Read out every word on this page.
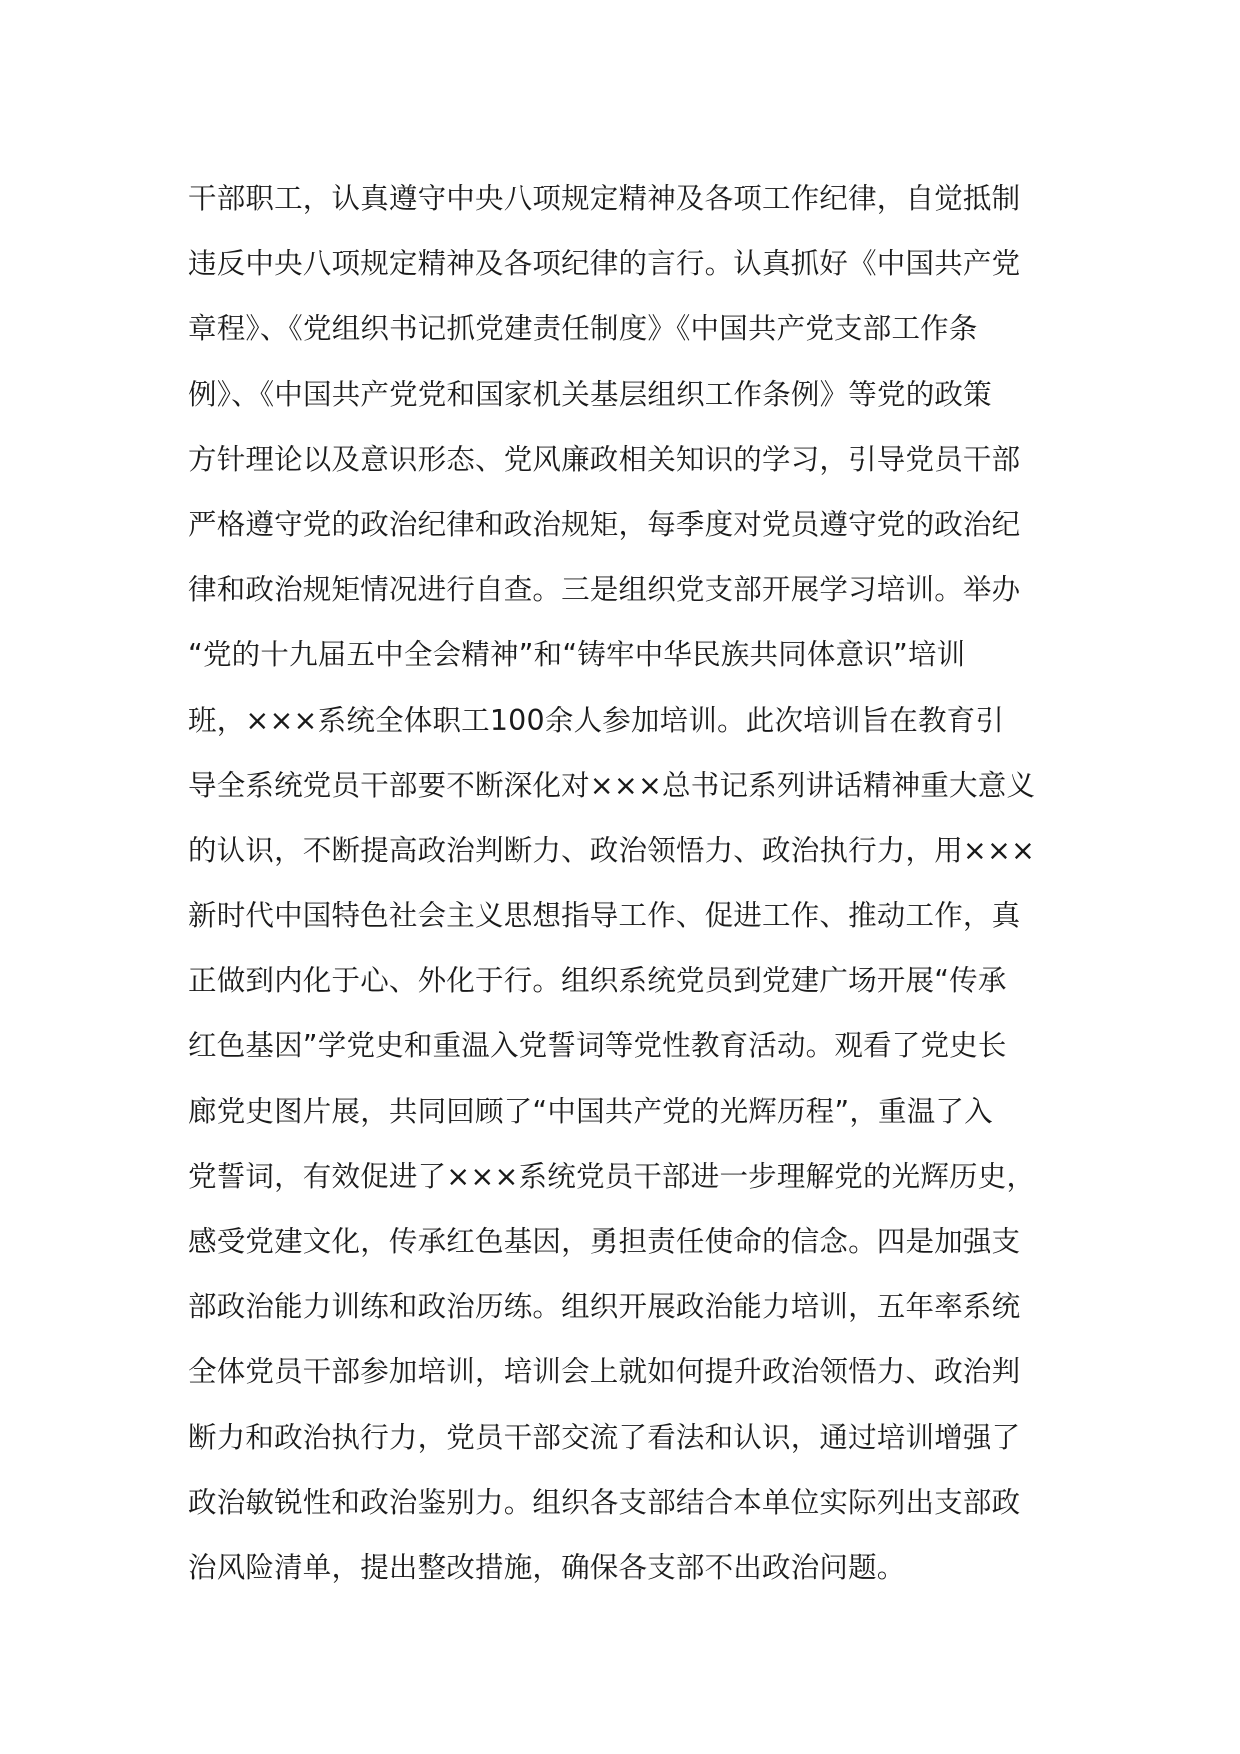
干部职工，认真遵守中央八项规定精神及各项工作纪律，自觉抵制
违反中央八项规定精神及各项纪律的言行。认真抓好《中国共产党
章程》、《党组织书记抓党建责任制度》《中国共产党支部工作条
例》、《中国共产党党和国家机关基层组织工作条例》等党的政策
方针理论以及意识形态、党风廉政相关知识的学习，引导党员干部
严格遵守党的政治纪律和政治规矩，每季度对党员遵守党的政治纪
律和政治规矩情况进行自查。三是组织党支部开展学习培训。举办
“党的十九届五中全会精神”和“铸牢中华民族共同体意识”培训
班，×××系统全体职工100余人参加培训。此次培训旨在教育引
导全系统党员干部要不断深化对×××总书记系列讲话精神重大意义
的认识，不断提高政治判断力、政治领悟力、政治执行力，用×××
新时代中国特色社会主义思想指导工作、促进工作、推动工作，真
正做到内化于心、外化于行。组织系统党员到党建广场开展“传承
红色基因”学党史和重温入党誓词等党性教育活动。观看了党史长
廊党史图片展，共同回顾了“中国共产党的光辉历程”，重温了入
党誓词，有效促进了×××系统党员干部进一步理解党的光辉历史，
感受党建文化，传承红色基因，勇担责任使命的信念。四是加强支
部政治能力训练和政治历练。组织开展政治能力培训，五年率系统
全体党员干部参加培训，培训会上就如何提升政治领悟力、政治判
断力和政治执行力，党员干部交流了看法和认识，通过培训增强了
政治敏锐性和政治鉴别力。组织各支部结合本单位实际列出支部政
治风险清单，提出整改措施，确保各支部不出政治问题。
